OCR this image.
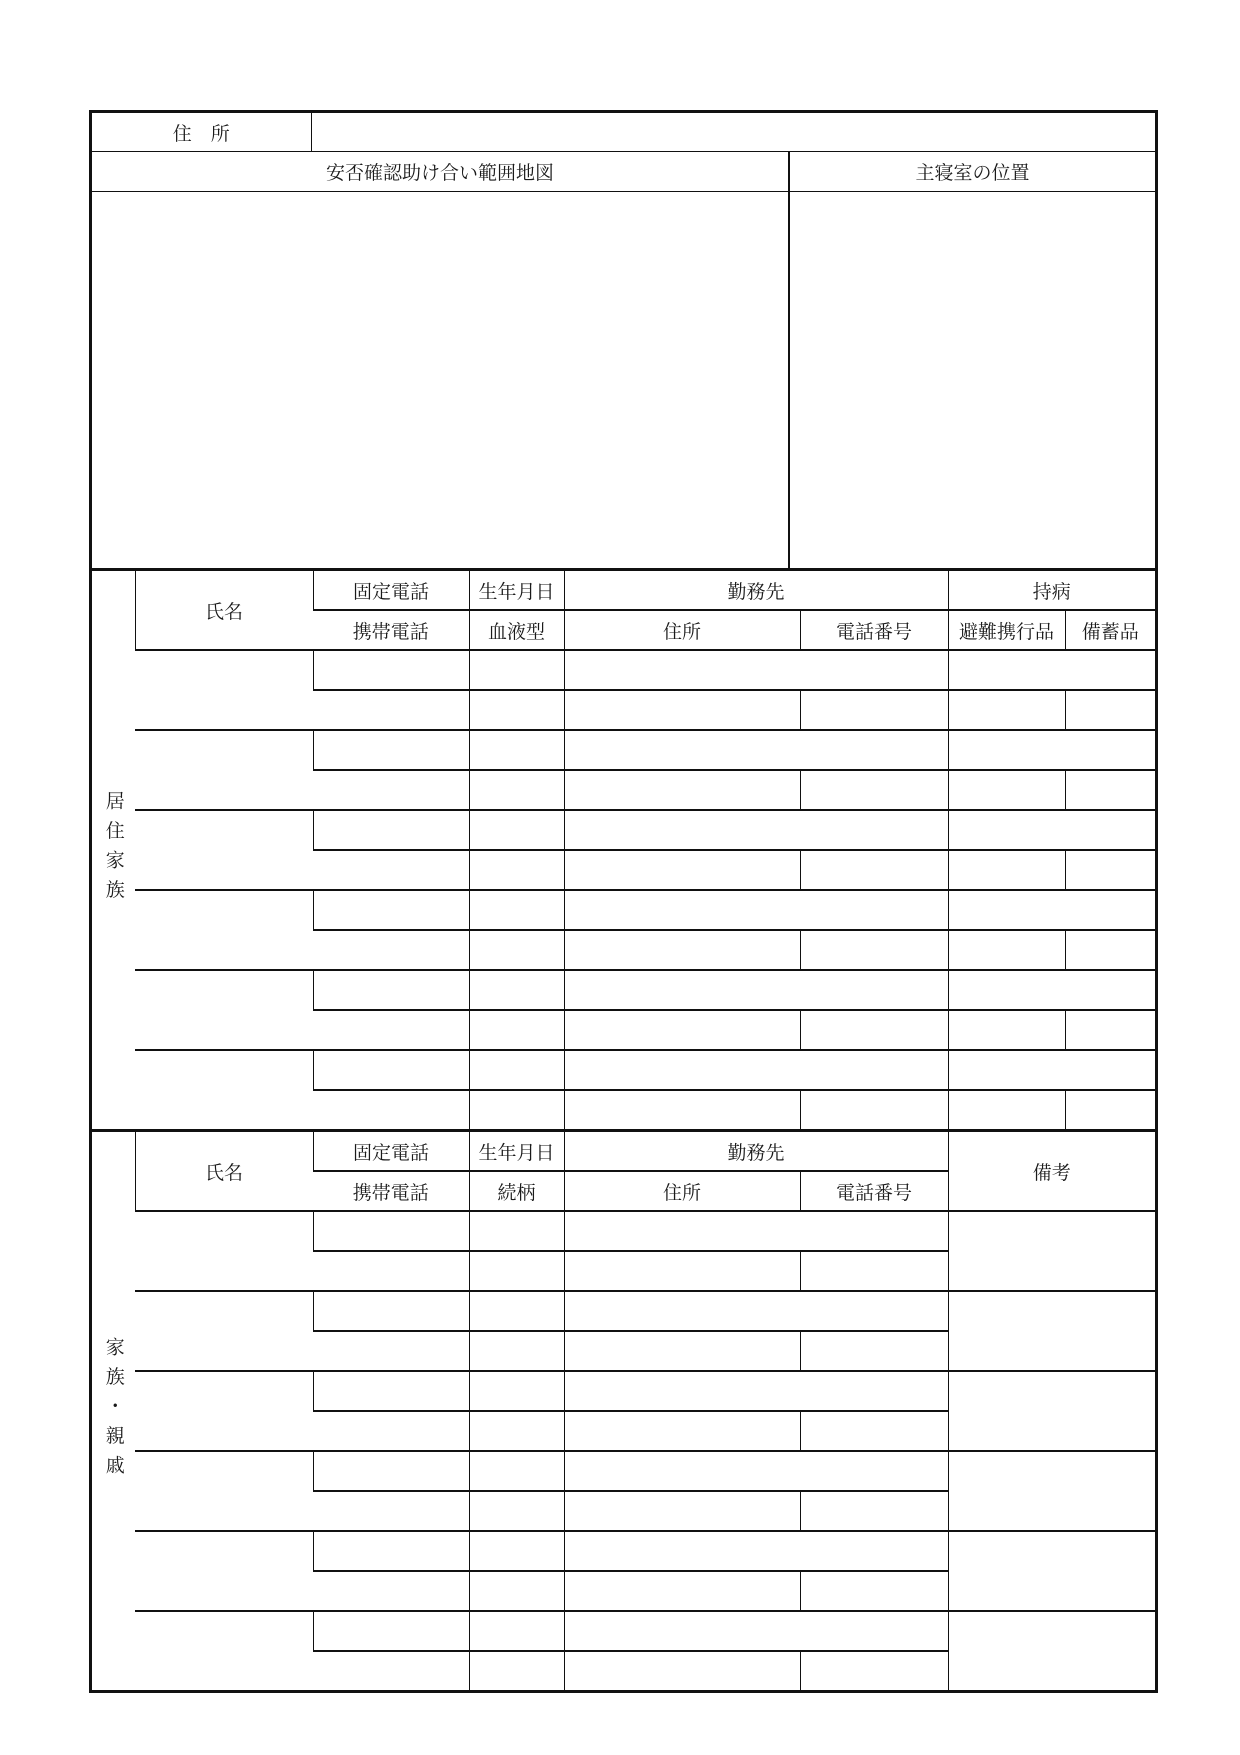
住　所	
安否確認助け合い範囲地図	主寝室の位置

居住家族	氏名	固定電話	生年月日	勤務先		持病	
		携帯電話	血液型	住所	電話番号	避難携行品	備蓄品

家族・親戚	氏名	固定電話	生年月日	勤務先		備考
		携帯電話	続柄	住所	電話番号	
